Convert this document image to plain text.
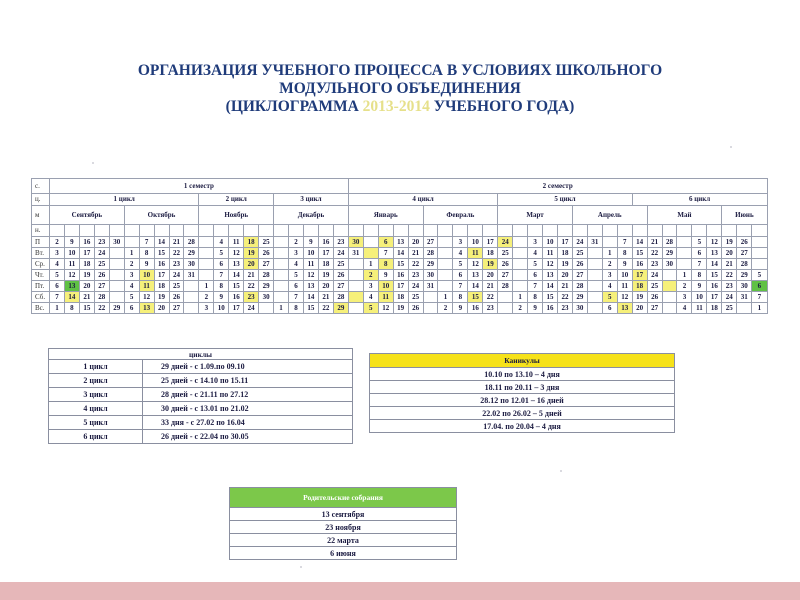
ОРГАНИЗАЦИЯ УЧЕБНОГО ПРОЦЕССА В УСЛОВИЯХ ШКОЛЬНОГО
МОДУЛЬНОГО ОБЪЕДИНЕНИЯ
(ЦИКЛОГРАММА 2013-2014 УЧЕБНОГО ГОДА)
с.	1 семестр																				2 семестр																											
ц.	1 цикл										2 цикл					3 цикл					4 цикл										5 цикл									6 цикл								
м	Сентябрь					Октябрь					Ноябрь					Декабрь					Январь					Февраль					Март					Апрель					Май					Июнь		
н.																																																
П	2	9	16	23	30		7	14	21	28		4	11	18	25		2	9	16	23	30		6	13	20	27		3	10	17	24		3	10	17	24	31		7	14	21	28		5	12	19	26	
Вт.	3	10	17	24		1	8	15	22	29		5	12	19	26		3	10	17	24	31		7	14	21	28		4	11	18	25		4	11	18	25		1	8	15	22	29		6	13	20	27	
Ср.	4	11	18	25		2	9	16	23	30		6	13	20	27		4	11	18	25		1	8	15	22	29		5	12	19	26		5	12	19	26		2	9	16	23	30		7	14	21	28	
Чт.	5	12	19	26		3	10	17	24	31		7	14	21	28		5	12	19	26		2	9	16	23	30		6	13	20	27		6	13	20	27		3	10	17	24		1	8	15	22	29	5
Пт.	6	13	20	27		4	11	18	25		1	8	15	22	29		6	13	20	27		3	10	17	24	31		7	14	21	28		7	14	21	28		4	11	18	25		2	9	16	23	30	6
Сб.	7	14	21	28		5	12	19	26		2	9	16	23	30		7	14	21	28		4	11	18	25		1	8	15	22		1	8	15	22	29		5	12	19	26		3	10	17	24	31	7
Вс.	1	8	15	22	29	6	13	20	27		3	10	17	24		1	8	15	22	29		5	12	19	26		2	9	16	23		2	9	16	23	30		6	13	20	27		4	11	18	25		1
циклы	
1 цикл	29 дней - с 1.09.по 09.10
2 цикл	25 дней - с 14.10 по 15.11
3 цикл	28 дней - с 21.11 по 27.12
4 цикл	30 дней - с 13.01 по 21.02
5 цикл	33 дня - с 27.02 по 16.04
6 цикл	26 дней - с 22.04 по 30.05
Каникулы
10.10 по 13.10 – 4 дня
18.11 по 20.11 – 3 дня
28.12 по 12.01 – 16 дней
22.02 по 26.02 – 5 дней
17.04. по 20.04 – 4 дня
Родительские собрания
13 сентября
23 ноября
22 марта
6 июня
